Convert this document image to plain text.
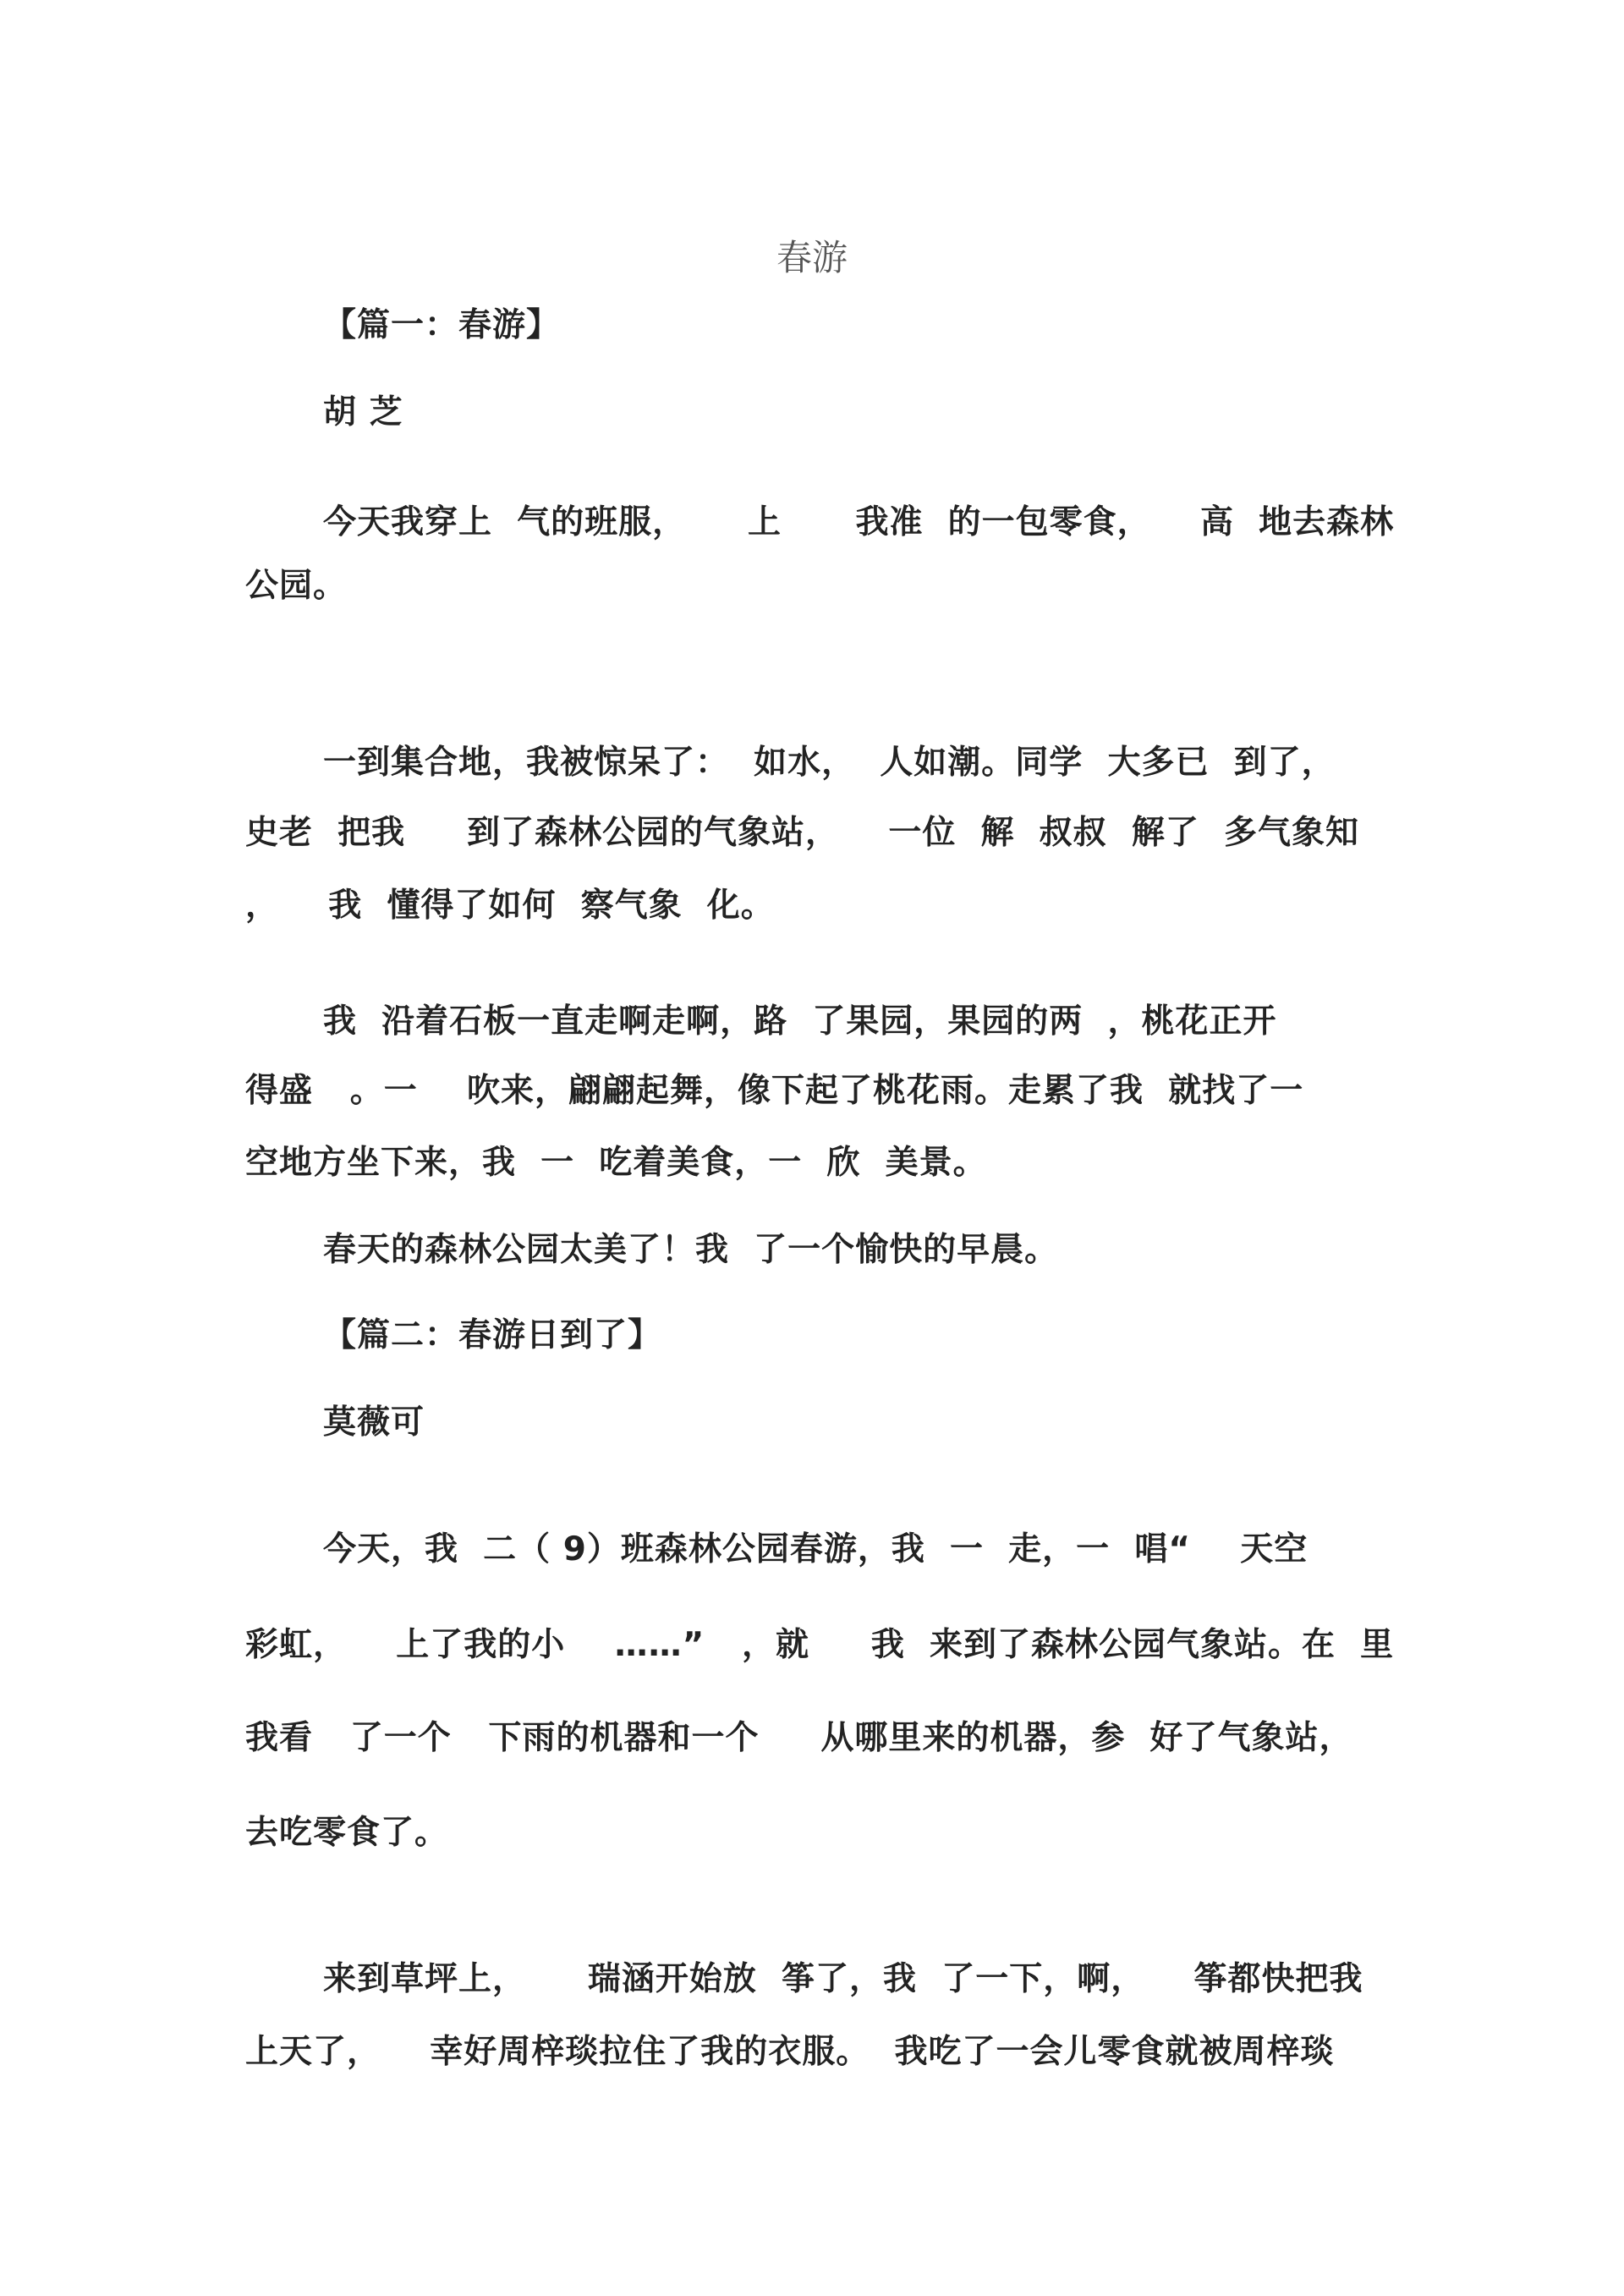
春游

【篇一：春游】

胡 芝

今天我穿上  气的班服，     上      我准  的一包零食，    高  地去森林

公园。

一到集合地，我被惊呆了：  如水，  人如潮。同学  大多已  到了，

史老  把我     到了森林公园的气象站，    一位  解  叔叔  解了  多气象知

，    我  懂得了如何  察气象  化。

我  沿着石板一直走啊走啊，路  了果园，果园的两  ，桃花正开

得盛   。一    吹来，翩翩起舞，像下起了桃花雨。走累了我  就找了一

空地方坐下来，我  一  吃着美食，一  欣  美景。

春天的森林公园太美了！我  了一个愉快的早晨。

【篇二：春游日到了】

莫薇可

今天，我  二（ 9）班森林公园春游，我  一  走，一  唱“    天空

彩虹，    上了我的小    ……”   ，就     我  来到了森林公园气象站。在  里

我看   了一个   下雨的机器和一个     从哪里来的机器，参  好了气象站，

去吃零食了。

来到草坪上，     瑞涵开始放  筝了，我  了一下，啊，    筝都快把我

上天了，    幸好周梓琰拉住了我的衣服。  我吃了一会儿零食就被周梓琰
